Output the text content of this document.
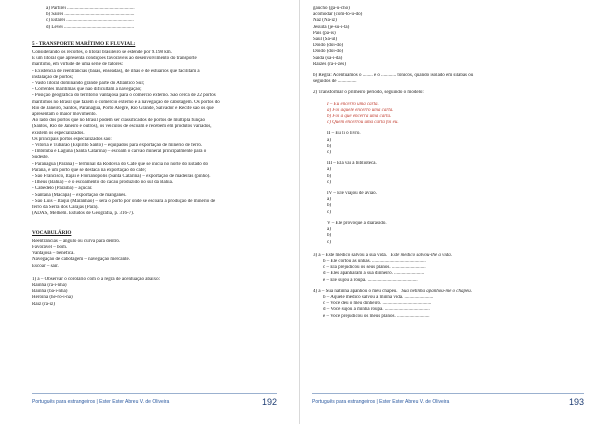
a) Partirei ......................................................
b) Sairei ........................................................
c) Estarei ......................................................
d) Levei ........................................................
5 - TRANSPORTE MARÍTIMO E FLUVIAL:
Considerando os recortes, o litoral brasileiro se estende por 9.198 km.
É um litoral que apresenta condições favoráveis ao desenvolvimento do transporte
marítimo, em virtude de uma série de fatores:
- Existência de reentrâncias (baías, enseadas), de ilhas e de estuários que facilitam a
instalação de portos;
- Vasto litoral dominando grande parte do Atlântico Sul;
- Correntes marítimas que não dificultam a navegação;
- Posição geográfica do território vantajosa para o comércio externo. São cerca de 22 portos
marítimos no Brasil que fazem o comércio externo e a navegação de cabotagem. Os portos do
Rio de Janeiro, Santos, Paranaguá, Porto Alegre, Rio Grande, Salvador e Recife são os que
apresentam o maior movimento.
Ao lado dos portos que no Brasil podem ser classificados de portos de múltipla função
(Santos, Rio de Janeiro e outros), os veículos de escoam e recebem em produtos variados,
existem os especializados.
Os principais portos especializados são:
- Vitória e Tubarão (Espírito Santo) – equipados para exportação de minério de ferro.
- Imbituba e Laguna (Santa Catarina) – escoam o carvão mineral principalmente para o
Sudeste.
- Paranaguá (Paraná) – terminal da Rodovia do Café que se inicia no norte do Estado do
Paraná, é um porto que se destaca na exportação do café;
- São Francisco, Itajaí e Florianópolis (Santa Catarina) – exportação de madeiras (pinho).
- Ilhéus (Bahia) – é o escoamento do cacau produzido no sul da Bahia.
- Cabedelo (Paraíba) – açúcar.
- Santana (Macapá) – exportação de manganês.
- São Luís – Itaqui (Maranhão) – será o porto por onde se escoará a produção de minério de
ferro da Serra dos Carajás (Pará).
(ADAS, Melhem. Estudos de Geografia, p. 316-7).
VOCABULÁRIO
Reentrâncias – ângulo ou curva para dentro.
Favorável – bom.
Vantajosa – benéfica.
Navegação de cabotagem – navegação mercante.
Escoar – sair.
1) a – Observar o corolário com o a regra de acentuação abaixo:
Rainha (ra-i-nha)
Bainha (ba-i-nha)
Heroína (he-ro-í-na)
Raiz (ra-iz)
Português para estrangeiros | Ester Ester Abreu V. de Oliveira	192
gaúcho (ga-ú-cho)
acomodar (com-to-ú-do)
Naz (Na-iz)
Jesuíta (je-su-í-ta)
País (pa-ís)
Saul (Sa-ul)
Doído (doí-do)
Doído (doi-do)
Saída (sa-í-da)
Raízes (ra-í-zes)
b) Regra: Acentuamos o ........ e o ............ tônicos, quando isolado em sílabas ou
seguidos de ...............
2) Transformar o primeiro período, seguindo o modelo:
I – Eu encerro uma carta.
a) Foi aquele encerro uma carta.
b) Foi a que encerra uma carta.
c) Quem encerrou uma carta foi eu.
II – Eu li o livro.
a)
b)
c)
III – Ela vai à biblioteca.
a)
b)
c)
IV – Ele viajou de avião.
a)
b)
c)
V – Ele provoque a diarasido.
a)
b)
c)
3) a – Este médico salvou a sua vida. Este médico salvou-lhe a vida.
b – Ele cortou as unhas. ...........................................
c – Ela prejudicou os seus planos. ...........................
d – Eles apanharam a sua dinheiro. ........................
e – Ele sujou a roupa. ........................................
4) a – Sua natinha apanhou o meu chapéu. Sua netinha apanhou-me o chapéu.
b – Aquele médico salvou a minha vida. .......................
c – Você deu o meu dinheiro. .......................................
d – Você sujou a minha roupa. ....................................
e – Você prejudicou os meus planos. ..........................
Português para estrangeiros | Ester Ester Abreu V. de Oliveira	193
